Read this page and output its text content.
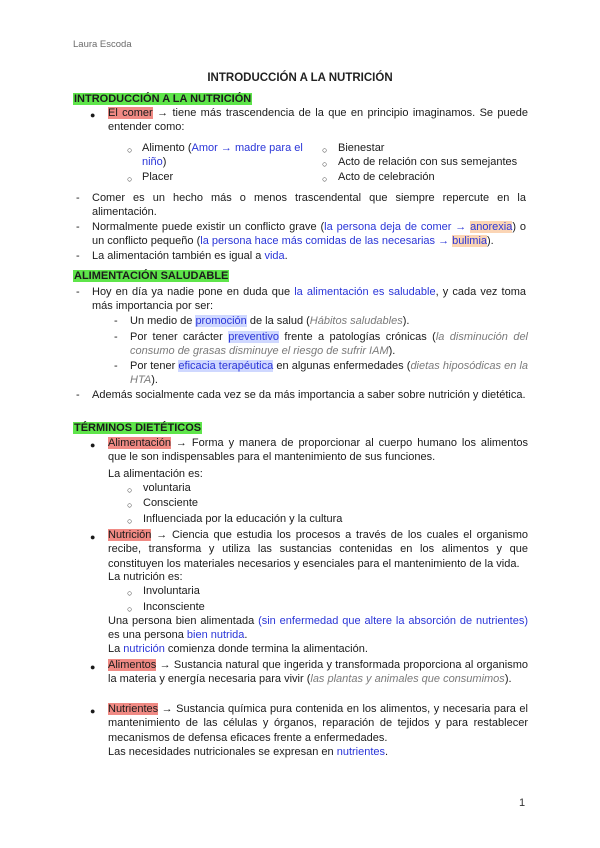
Laura Escoda
INTRODUCCIÓN A LA NUTRICIÓN
INTRODUCCIÓN A LA NUTRICIÓN
● El comer → tiene más trascendencia de la que en principio imaginamos. Se puede entender como:
○ Alimento (Amor → madre para el niño)
○ Placer
○ Bienestar
○ Acto de relación con sus semejantes
○ Acto de celebración
- Comer es un hecho más o menos trascendental que siempre repercute en la alimentación.
- Normalmente puede existir un conflicto grave (la persona deja de comer → anorexia) o un conflicto pequeño (la persona hace más comidas de las necesarias → bulimia).
- La alimentación también es igual a vida.
ALIMENTACIÓN SALUDABLE
- Hoy en día ya nadie pone en duda que la alimentación es saludable, y cada vez toma más importancia por ser:
- Un medio de promoción de la salud (Hábitos saludables).
- Por tener carácter preventivo frente a patologías crónicas (la disminución del consumo de grasas disminuye el riesgo de sufrir IAM).
- Por tener eficacia terapéutica en algunas enfermedades (dietas hiposódicas en la HTA).
- Además socialmente cada vez se da más importancia a saber sobre nutrición y dietética.
TÉRMINOS DIETÉTICOS
● Alimentación → Forma y manera de proporcionar al cuerpo humano los alimentos que le son indispensables para el mantenimiento de sus funciones.
La alimentación es:
○ voluntaria
○ Consciente
○ Influenciada por la educación y la cultura
● Nutrición → Ciencia que estudia los procesos a través de los cuales el organismo recibe, transforma y utiliza las sustancias contenidas en los alimentos y que constituyen los materiales necesarios y esenciales para el mantenimiento de la vida.
La nutrición es:
○ Involuntaria
○ Inconsciente
Una persona bien alimentada (sin enfermedad que altere la absorción de nutrientes) es una persona bien nutrida.
La nutrición comienza donde termina la alimentación.
● Alimentos → Sustancia natural que ingerida y transformada proporciona al organismo la materia y energía necesaria para vivir (las plantas y animales que consumimos).
● Nutrientes → Sustancia química pura contenida en los alimentos, y necesaria para el mantenimiento de las células y órganos, reparación de tejidos y para restablecer mecanismos de defensa eficaces frente a enfermedades.
Las necesidades nutricionales se expresan en nutrientes.
1
